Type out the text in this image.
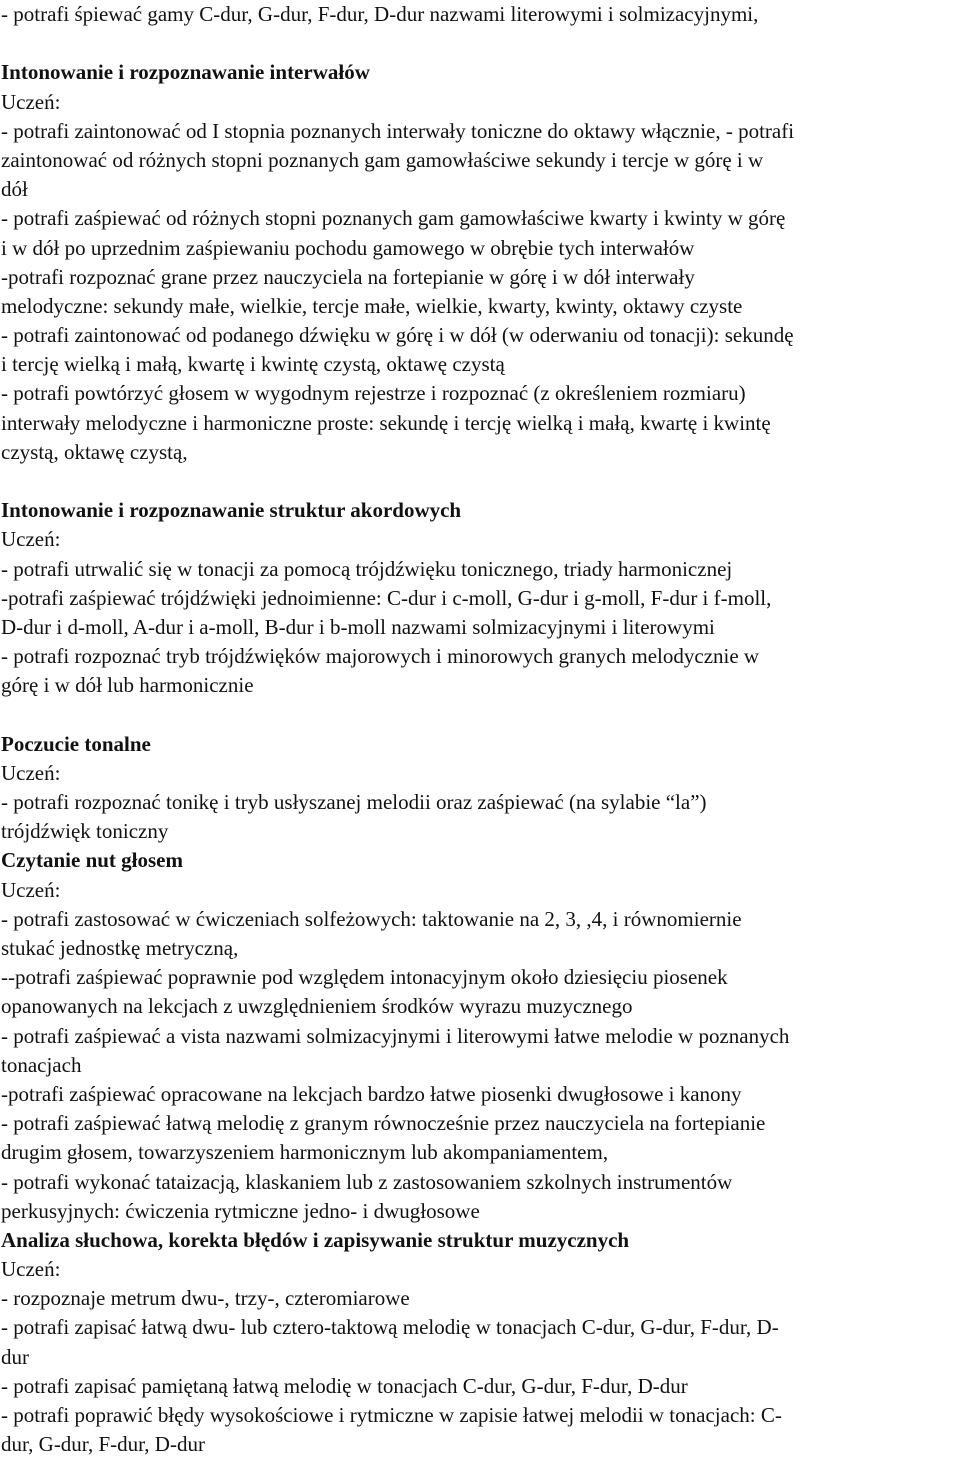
- potrafi śpiewać gamy C-dur, G-dur, F-dur, D-dur nazwami literowymi i solmizacyjnymi,
Intonowanie i rozpoznawanie interwałów
Uczeń:
- potrafi zaintonować od I stopnia poznanych interwały toniczne do oktawy włącznie, - potrafi
zaintonować od różnych stopni poznanych gam gamowłaściwe sekundy i tercje w górę i w
dół
- potrafi zaśpiewać od różnych stopni poznanych gam gamowłaściwe kwarty i kwinty w górę
i w dół po uprzednim zaśpiewaniu pochodu gamowego w obrębie tych interwałów
-potrafi rozpoznać grane przez nauczyciela na fortepianie w górę i w dół interwały
melodyczne: sekundy małe, wielkie, tercje małe, wielkie, kwarty, kwinty, oktawy czyste
- potrafi zaintonować od podanego dźwięku w górę i w dół (w oderwaniu od tonacji): sekundę
i tercję wielką i małą, kwartę i kwintę czystą, oktawę czystą
- potrafi powtórzyć głosem w wygodnym rejestrze i rozpoznać (z określeniem rozmiaru)
interwały melodyczne i harmoniczne proste: sekundę i tercję wielką i małą, kwartę i kwintę
czystą, oktawę czystą,
Intonowanie i rozpoznawanie struktur akordowych
Uczeń:
- potrafi utrwalić się w tonacji za pomocą trójdźwięku tonicznego, triady harmonicznej
-potrafi zaśpiewać trójdźwięki jednoimienne: C-dur i c-moll, G-dur i g-moll, F-dur i f-moll,
D-dur i d-moll, A-dur i a-moll, B-dur i b-moll nazwami solmizacyjnymi i literowymi
- potrafi rozpoznać tryb trójdźwięków majorowych i minorowych granych melodycznie w
górę i w dół lub harmonicznie
Poczucie tonalne
Uczeń:
- potrafi rozpoznać tonikę i tryb usłyszanej melodii oraz zaśpiewać (na sylabie “la”)
trójdźwięk toniczny
Czytanie nut głosem
Uczeń:
- potrafi zastosować w ćwiczeniach solfeżowych: taktowanie na 2, 3, ,4, i równomiernie
stukać jednostkę metryczną,
--potrafi zaśpiewać poprawnie pod względem intonacyjnym około dziesięciu piosenek
opanowanych na lekcjach z uwzględnieniem środków wyrazu muzycznego
- potrafi zaśpiewać a vista nazwami solmizacyjnymi i literowymi łatwe melodie w poznanych
tonacjach
-potrafi zaśpiewać opracowane na lekcjach bardzo łatwe piosenki dwugłosowe i kanony
- potrafi zaśpiewać łatwą melodię z granym równocześnie przez nauczyciela na fortepianie
drugim głosem, towarzyszeniem harmonicznym lub akompaniamentem,
- potrafi wykonać tataizacją, klaskaniem lub z zastosowaniem szkolnych instrumentów
perkusyjnych: ćwiczenia rytmiczne jedno- i dwugłosowe
Analiza słuchowa, korekta błędów i zapisywanie struktur muzycznych
Uczeń:
- rozpoznaje metrum dwu-, trzy-, czteromiarowe
- potrafi zapisać łatwą dwu- lub cztero-taktową melodię w tonacjach C-dur, G-dur, F-dur, D-
dur
- potrafi zapisać pamiętaną łatwą melodię w tonacjach C-dur, G-dur, F-dur, D-dur
- potrafi poprawić błędy wysokościowe i rytmiczne w zapisie łatwej melodii w tonacjach: C-
dur, G-dur, F-dur, D-dur
